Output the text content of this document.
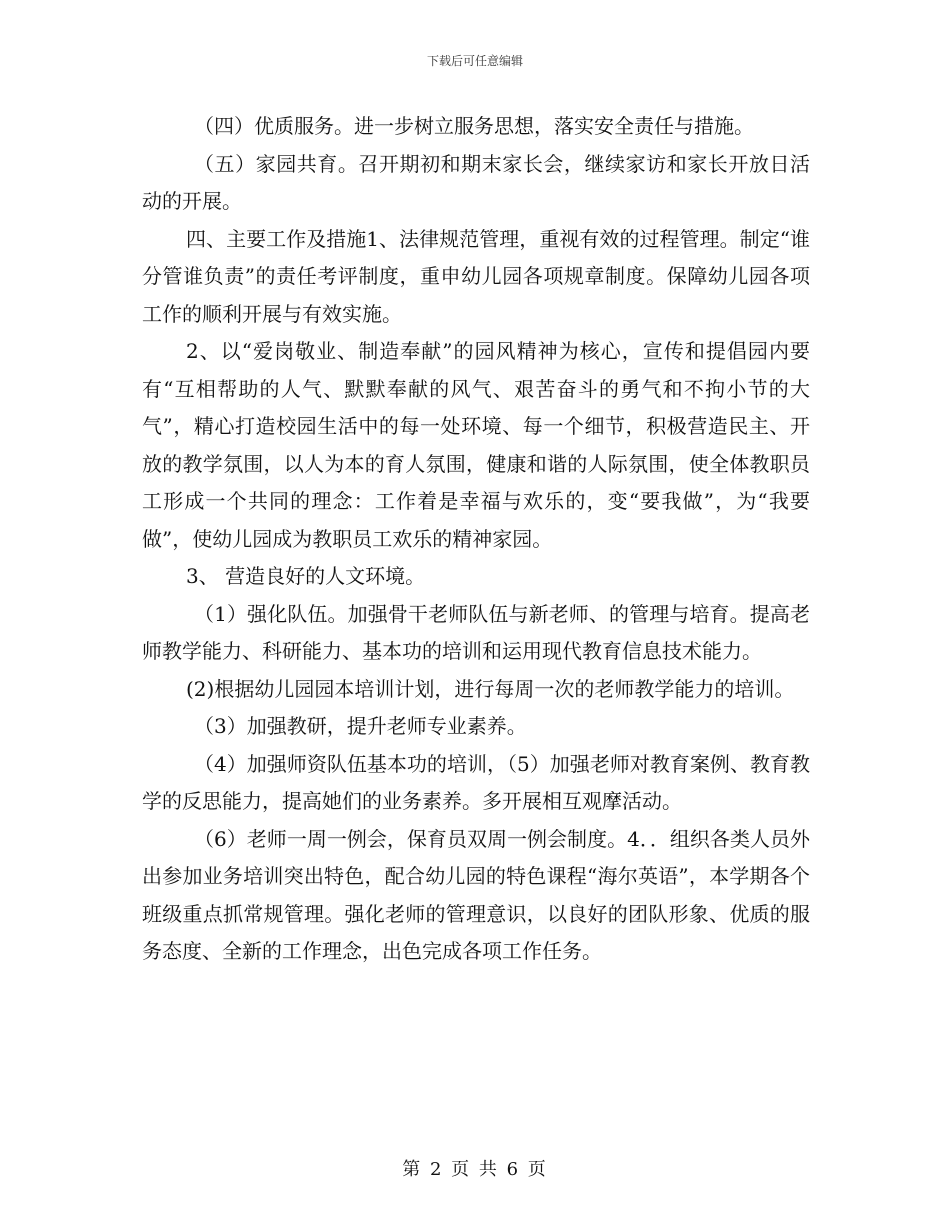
下载后可任意编辑

（四）优质服务。进一步树立服务思想，落实安全责任与措施。

（五）家园共育。召开期初和期末家长会，继续家访和家长开放日活动的开展。

四、主要工作及措施1、法律规范管理，重视有效的过程管理。制定“谁分管谁负责”的责任考评制度，重申幼儿园各项规章制度。保障幼儿园各项工作的顺利开展与有效实施。

2、以“爱岗敬业、制造奉献”的园风精神为核心，宣传和提倡园内要有“互相帮助的人气、默默奉献的风气、艰苦奋斗的勇气和不拘小节的大气”，精心打造校园生活中的每一处环境、每一个细节，积极营造民主、开放的教学氛围，以人为本的育人氛围，健康和谐的人际氛围，使全体教职员工形成一个共同的理念：工作着是幸福与欢乐的，变“要我做”，为“我要做”，使幼儿园成为教职员工欢乐的精神家园。

3、 营造良好的人文环境。

（1）强化队伍。加强骨干老师队伍与新老师、的管理与培育。提高老师教学能力、科研能力、基本功的培训和运用现代教育信息技术能力。

(2)根据幼儿园园本培训计划，进行每周一次的老师教学能力的培训。

（3）加强教研，提升老师专业素养。

（4）加强师资队伍基本功的培训，（5）加强老师对教育案例、教育教学的反思能力，提高她们的业务素养。多开展相互观摩活动。

（6）老师一周一例会，保育员双周一例会制度。4．．组织各类人员外出参加业务培训突出特色，配合幼儿园的特色课程“海尔英语”，本学期各个班级重点抓常规管理。强化老师的管理意识，以良好的团队形象、优质的服务态度、全新的工作理念，出色完成各项工作任务。

第 2 页 共 6 页
